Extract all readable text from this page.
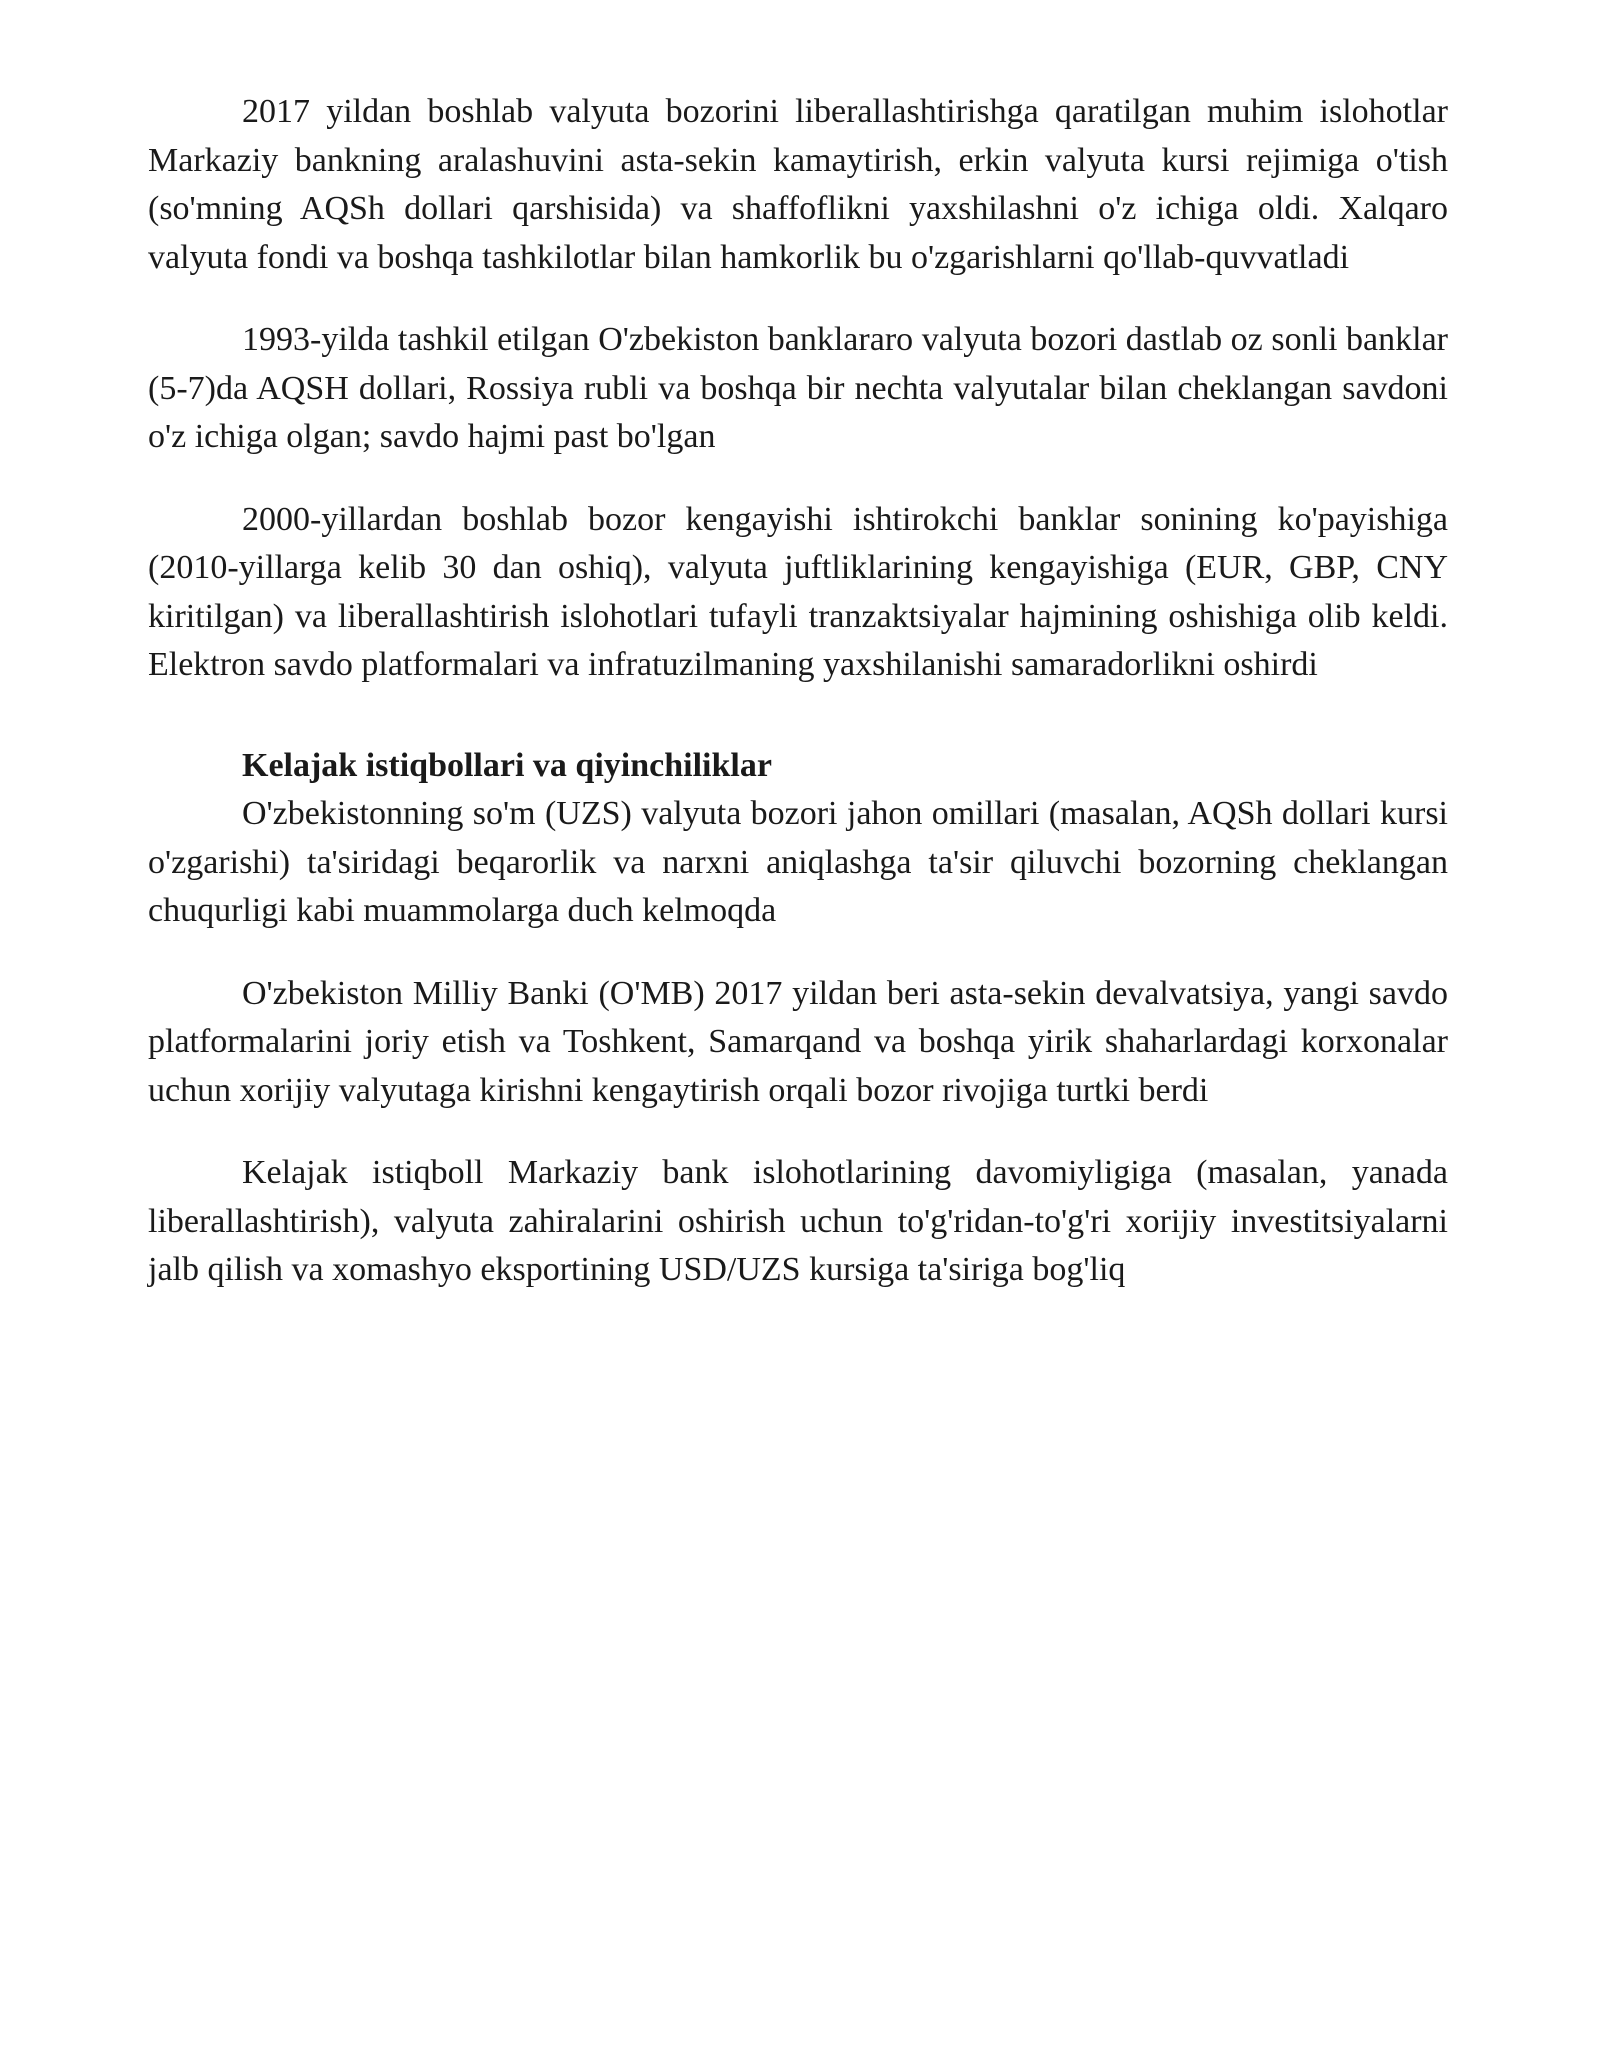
2017 yildan boshlab valyuta bozorini liberallashtirishga qaratilgan muhim islohotlar Markaziy bankning aralashuvini asta-sekin kamaytirish, erkin valyuta kursi rejimiga o'tish (so'mning AQSh dollari qarshisida) va shaffoflikni yaxshilashni o'z ichiga oldi. Xalqaro valyuta fondi va boshqa tashkilotlar bilan hamkorlik bu o'zgarishlarni qo'llab-quvvatladi

1993-yilda tashkil etilgan O'zbekiston banklararo valyuta bozori dastlab oz sonli banklar (5-7)da AQSH dollari, Rossiya rubli va boshqa bir nechta valyutalar bilan cheklangan savdoni o'z ichiga olgan; savdo hajmi past bo'lgan

2000-yillardan boshlab bozor kengayishi ishtirokchi banklar sonining ko'payishiga (2010-yillarga kelib 30 dan oshiq), valyuta juftliklarining kengayishiga (EUR, GBP, CNY kiritilgan) va liberallashtirish islohotlari tufayli tranzaktsiyalar hajmining oshishiga olib keldi. Elektron savdo platformalari va infratuzilmaning yaxshilanishi samaradorlikni oshirdi

Kelajak istiqbollari va qiyinchiliklar

O'zbekistonning so'm (UZS) valyuta bozori jahon omillari (masalan, AQSh dollari kursi o'zgarishi) ta'siridagi beqarorlik va narxni aniqlashga ta'sir qiluvchi bozorning cheklangan chuqurligi kabi muammolarga duch kelmoqda

O'zbekiston Milliy Banki (O'MB) 2017 yildan beri asta-sekin devalvatsiya, yangi savdo platformalarini joriy etish va Toshkent, Samarqand va boshqa yirik shaharlardagi korxonalar uchun xorijiy valyutaga kirishni kengaytirish orqali bozor rivojiga turtki berdi

Kelajak istiqboll Markaziy bank islohotlarining davomiyligiga (masalan, yanada liberallashtirish), valyuta zahiralarini oshirish uchun to'g'ridan-to'g'ri xorijiy investitsiyalarni jalb qilish va xomashyo eksportining USD/UZS kursiga ta'siriga bog'liq
